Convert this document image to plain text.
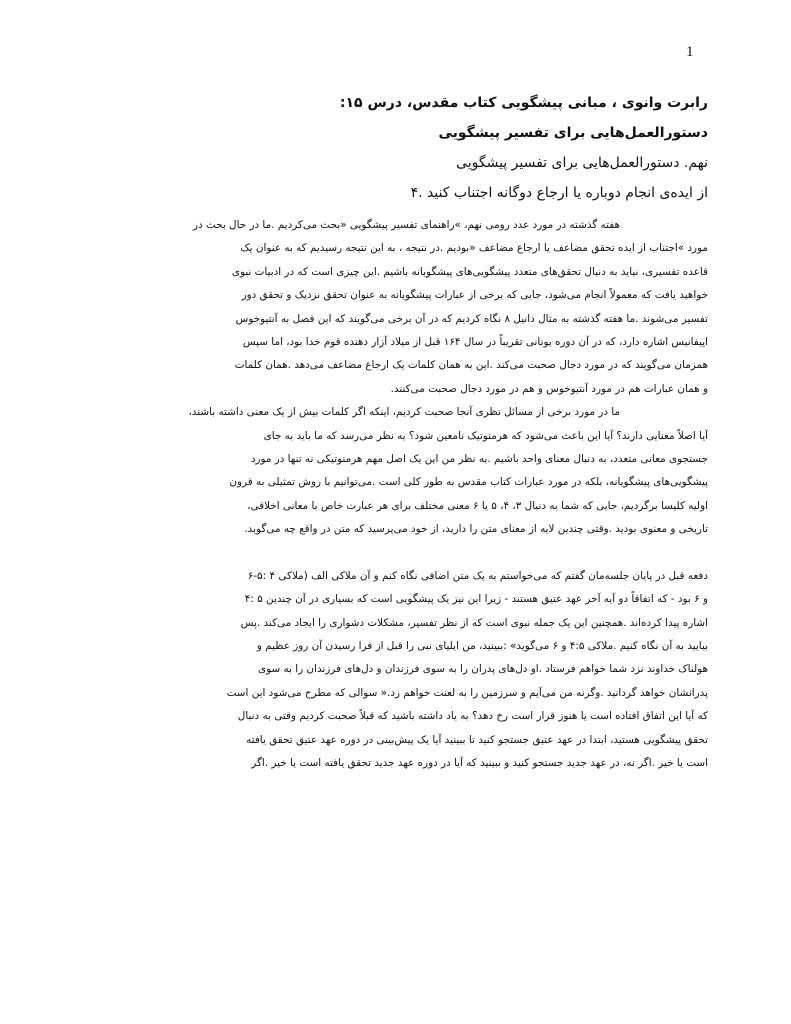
1
رابرت وانوی ، مبانی پیشگویی کتاب مقدس، درس ۱۵:
دستورالعمل‌هایی برای تفسیر پیشگویی
نهم. دستورالعمل‌هایی برای تفسیر پیشگویی
از ایده‌ی انجام دوباره یا ارجاع دوگانه اجتناب کنید .۴
هفته گذشته در مورد عدد رومی نهم، »راهنمای تفسیر پیشگویی «بحث می‌کردیم .ما در حال بحث در
مورد »اجتناب از ایده تحقق مضاعف یا ارجاع مضاعف «بودیم .در نتیجه ، به این نتیجه رسیدیم که به عنوان یک
قاعده تفسیری، نباید به دنبال تحقق‌های متعدد پیشگویی‌های پیشگویانه باشیم .این چیزی است که در ادبیات نبوی
خواهید یافت که معمولاً انجام می‌شود، جایی که برخی از عبارات پیشگویانه به عنوان تحقق نزدیک و تحقق دور
تفسیر می‌شوند .ما هفته گذشته به مثال دانیل ۸ نگاه کردیم که در آن برخی می‌گویند که این فصل به آنتیوخوس
اپیفانیس اشاره دارد، که در آن دوره یونانی تقریباً در سال ۱۶۴ قبل از میلاد آزار دهنده قوم خدا بود، اما سپس
همزمان می‌گویند که در مورد دجال صحبت می‌کند .این به همان کلمات یک ارجاع مضاعف می‌دهد .همان کلمات
و همان عبارات هم در مورد آنتیوخوس و هم در مورد دجال صحبت می‌کنند.
ما در مورد برخی از مسائل نظری آنجا صحبت کردیم، اینکه اگر کلمات بیش از یک معنی داشته باشند،
آیا اصلاً معنایی دارند؟ آیا این باعث می‌شود که هرمنوتیک نامعین شود؟ به نظر می‌رسد که ما باید به جای
جستجوی معانی متعدد، به دنبال معنای واحد باشیم .به نظر من این یک اصل مهم هرمنوتیکی نه تنها در مورد
پیشگویی‌های پیشگویانه، بلکه در مورد عبارات کتاب مقدس به طور کلی است .می‌توانیم با روش تمثیلی به قرون
اولیه کلیسا برگردیم، جایی که شما به دنبال ۳، ۴، ۵ یا ۶ معنی مختلف برای هر عبارت خاص با معانی اخلاقی،
تاریخی و معنوی بودید .وقتی چندین لایه از معنای متن را دارید، از خود می‌پرسید که متن در واقع چه می‌گوید.
دفعه قبل در پایان جلسه‌مان گفتم که می‌خواستم به یک متن اضافی نگاه کنم و آن ملاکی الف (ملاکی ۴ :۵-۶
و ۶ بود - که اتفاقاً دو آیه آخر عهد عتیق هستند - زیرا این نیز یک پیشگویی است که بسیاری در آن چندین ۵ :۴
اشاره پیدا کرده‌اند .همچنین این یک جمله نبوی است که از نظر تفسیر، مشکلات دشواری را ایجاد می‌کند .پس
بیایید به آن نگاه کنیم .ملاکی ۴:۵ و ۶ می‌گوید» :ببینید، من ایلیای نبی را قبل از فرا رسیدن آن روز عظیم و
هولناک خداوند نزد شما خواهم فرستاد .او دل‌های پدران را به سوی فرزندان و دل‌های فرزندان را به سوی
پدرانشان خواهد گردانید .وگرنه من می‌آیم و سرزمین را به لعنت خواهم زد.« سوالی که مطرح می‌شود این است
که آیا این اتفاق افتاده است یا هنوز قرار است رخ دهد؟ به یاد داشته باشید که قبلاً صحبت کردیم وقتی به دنبال
تحقق پیشگویی هستید، ابتدا در عهد عتیق جستجو کنید تا ببینید آیا یک پیش‌بینی در دوره عهد عتیق تحقق یافته
است یا خیر .اگر نه، در عهد جدید جستجو کنید و ببینید که آیا در دوره عهد جدید تحقق یافته است یا خیر .اگر
